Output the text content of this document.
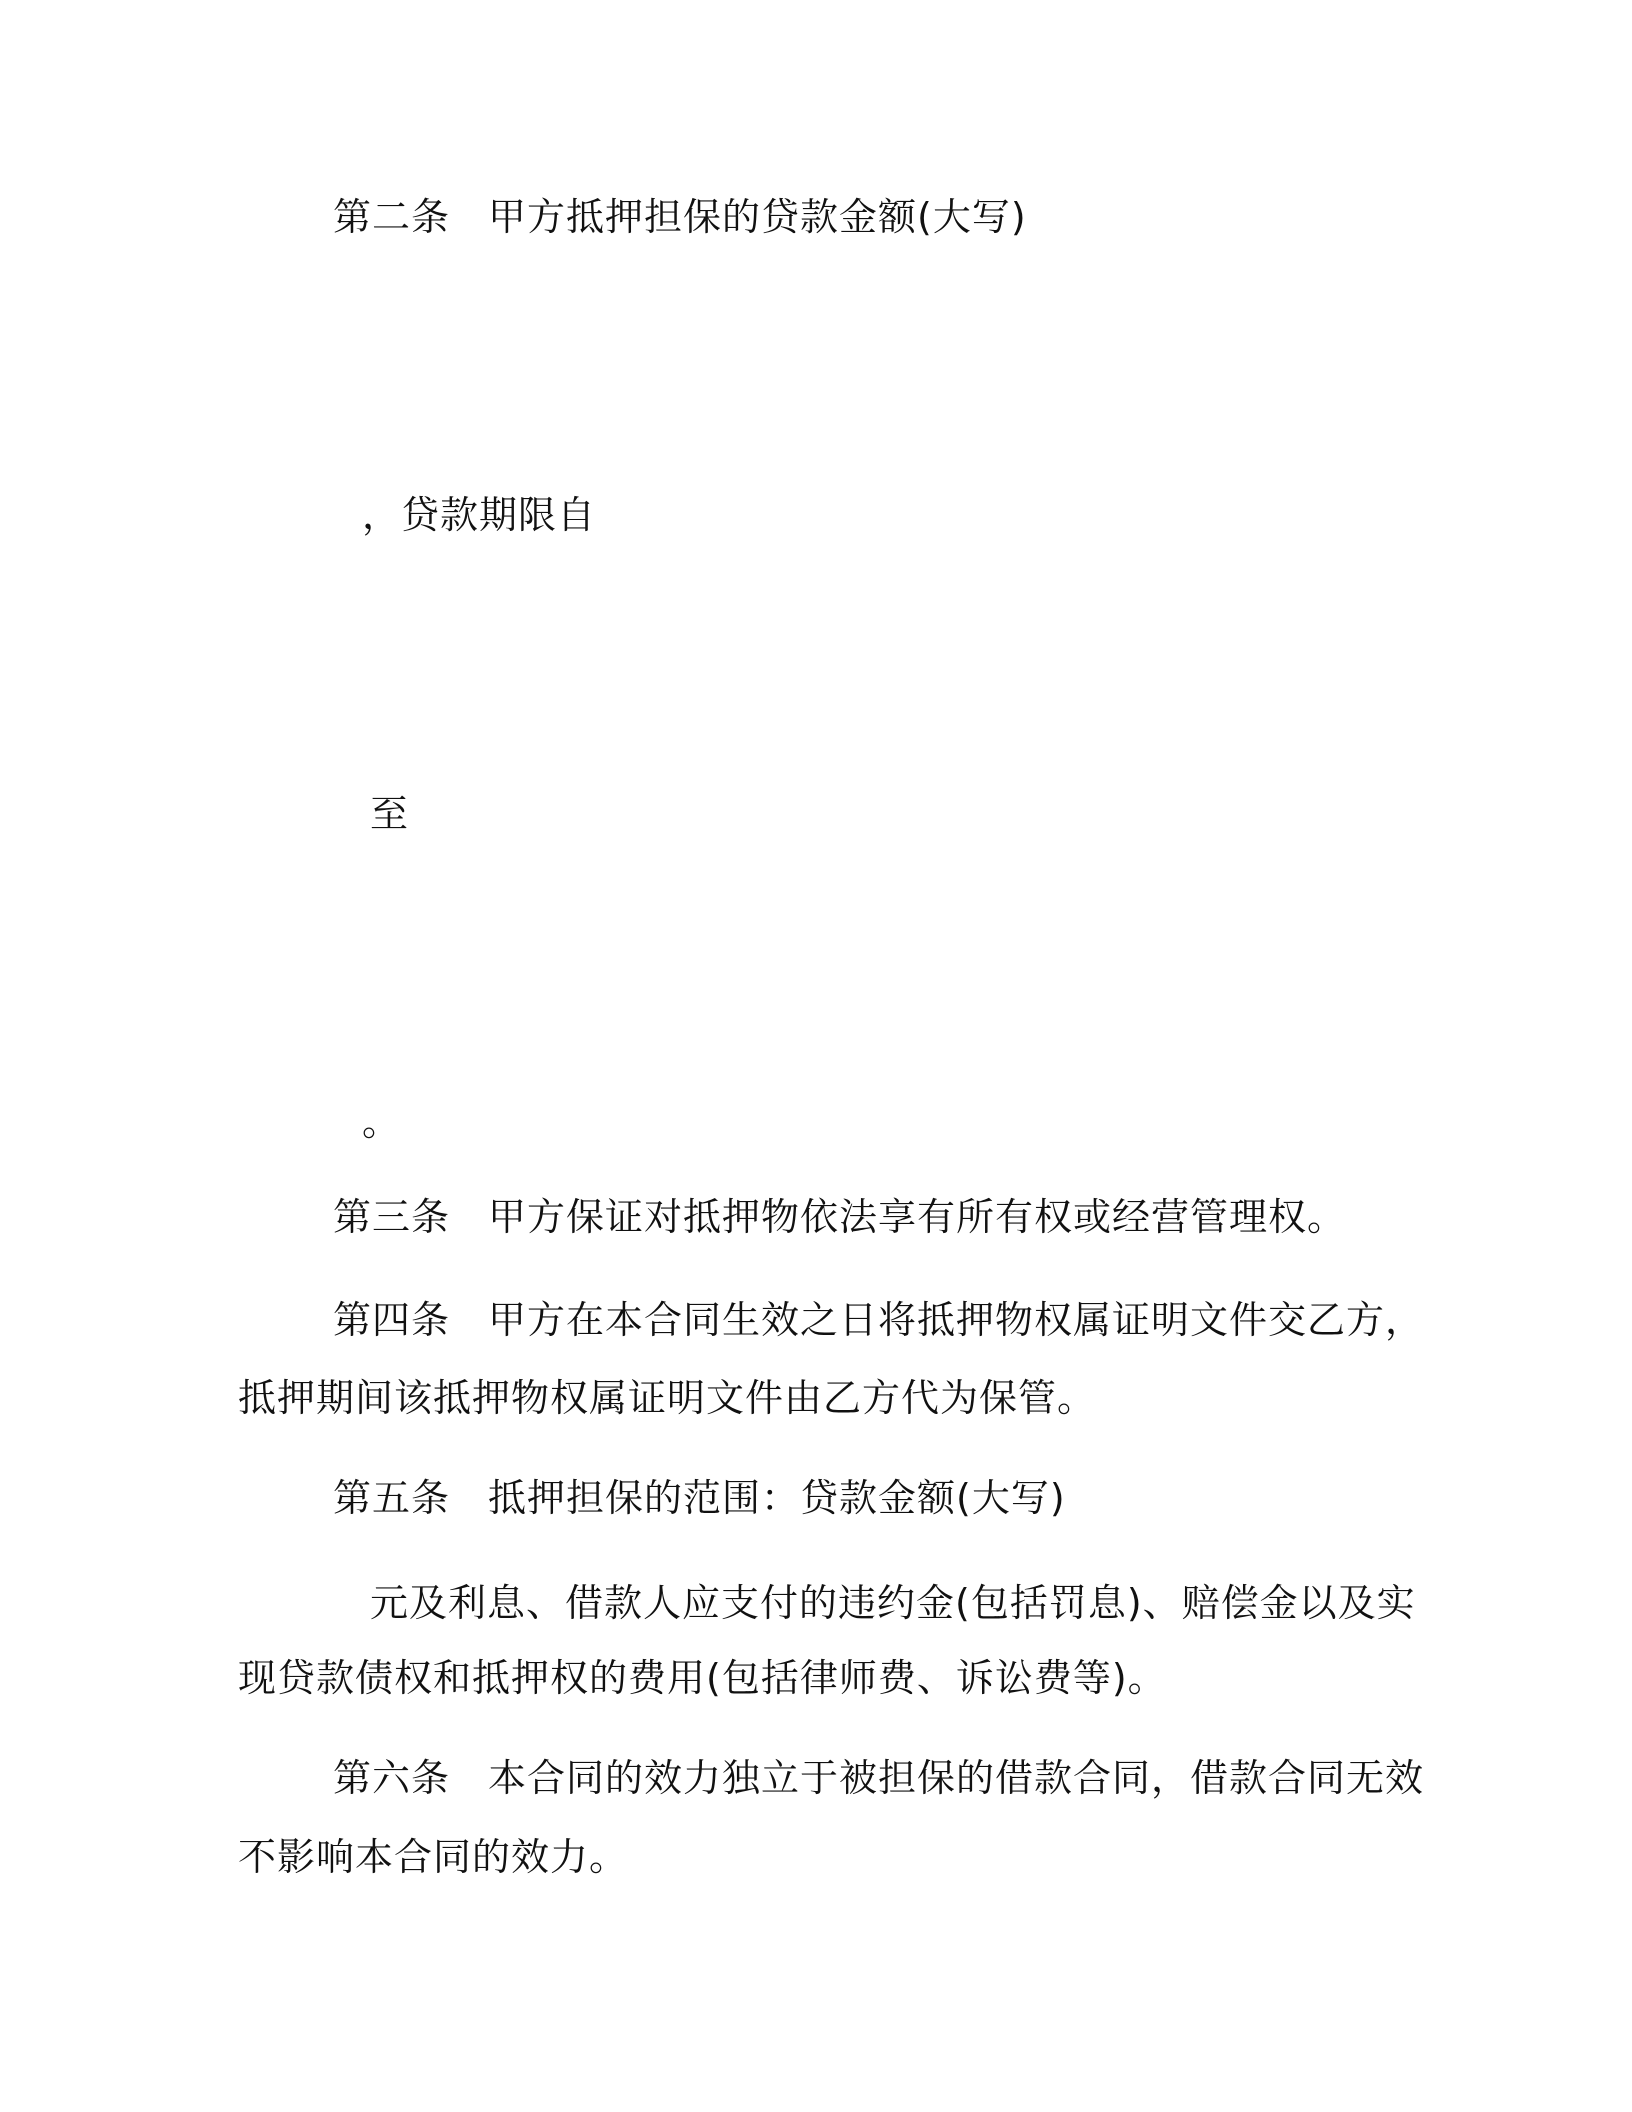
第二条 甲方抵押担保的贷款金额(大写)
，贷款期限自
至
。
第三条 甲方保证对抵押物依法享有所有权或经营管理权。
第四条 甲方在本合同生效之日将抵押物权属证明文件交乙方，
抵押期间该抵押物权属证明文件由乙方代为保管。
第五条 抵押担保的范围：贷款金额(大写)
元及利息、借款人应支付的违约金(包括罚息)、赔偿金以及实
现贷款债权和抵押权的费用(包括律师费、诉讼费等)。
第六条 本合同的效力独立于被担保的借款合同，借款合同无效
不影响本合同的效力。
